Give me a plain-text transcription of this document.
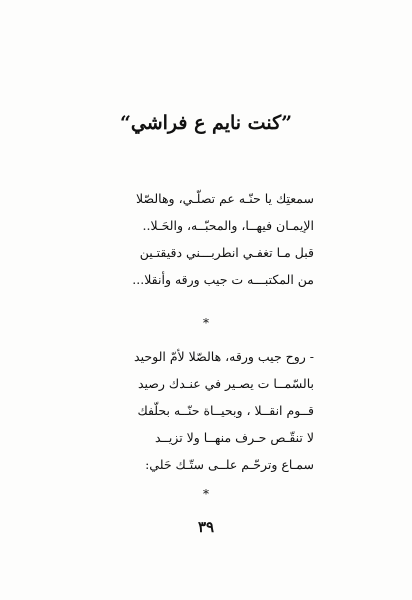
”كنت نايم ع فراشي“
سمعتِك يا حنّـه عم تصلّـي، وهالصّلا
الإيمـان فيهــا، والمحبّــه، والحَـلا..
قبل مـا تغفـي انطربـــني دقيقتـين
من المكتبـــه ت جيب ورقه وأنقلا...
*
- روح جيب ورقه، هالصّلا لأمّ الوحيد
بالسّمــا ت يصـير في عنـدك رصيد
قــوم انقــلا ، وبحيــاة حنّــه بحلّفك
لا تنقّـص حـرف منهــا ولا تزيــد
سمـاع وترحّـم علــى ستّـك حَلي:
*
٣٩
